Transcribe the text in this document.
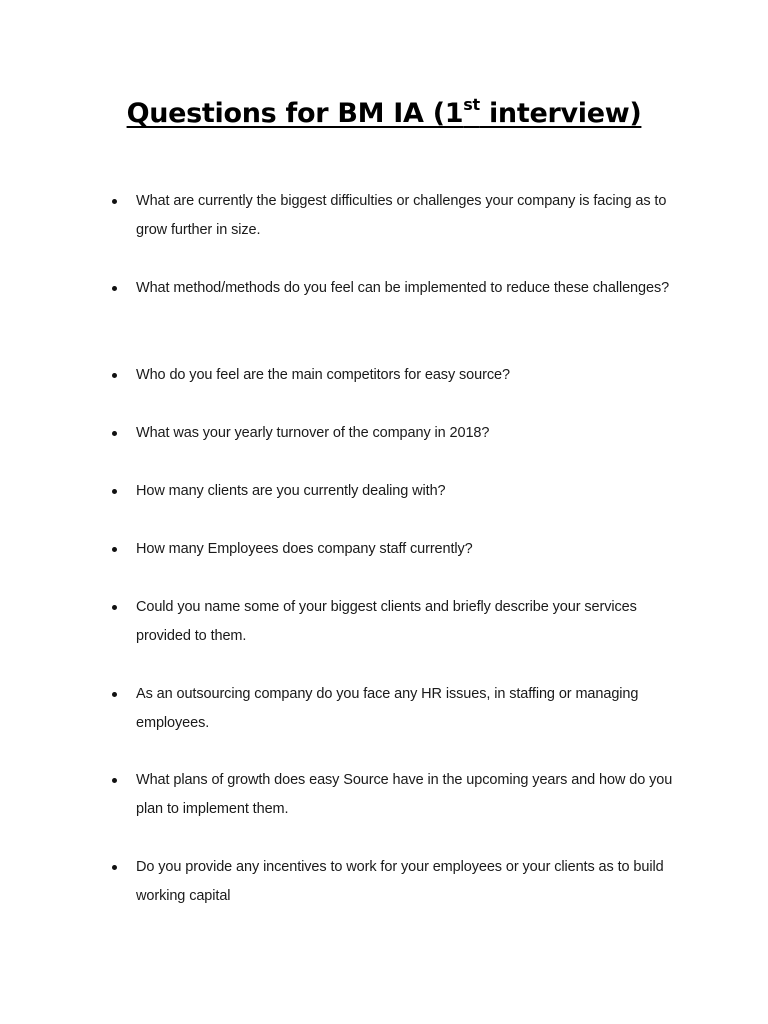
Questions for BM IA (1st interview)
What are currently the biggest difficulties or challenges your company is facing as to grow further in size.
What method/methods do you feel can be implemented to reduce these challenges?
Who do you feel are the main competitors for easy source?
What was your yearly turnover of the company in 2018?
How many clients are you currently dealing with?
How many Employees does company staff currently?
Could you name some of your biggest clients and briefly describe your services provided to them.
As an outsourcing company do you face any HR issues, in staffing or managing employees.
What plans of growth does easy Source have in the upcoming years and how do you plan to implement them.
Do you provide any incentives to work for your employees or your clients as to build working capital
